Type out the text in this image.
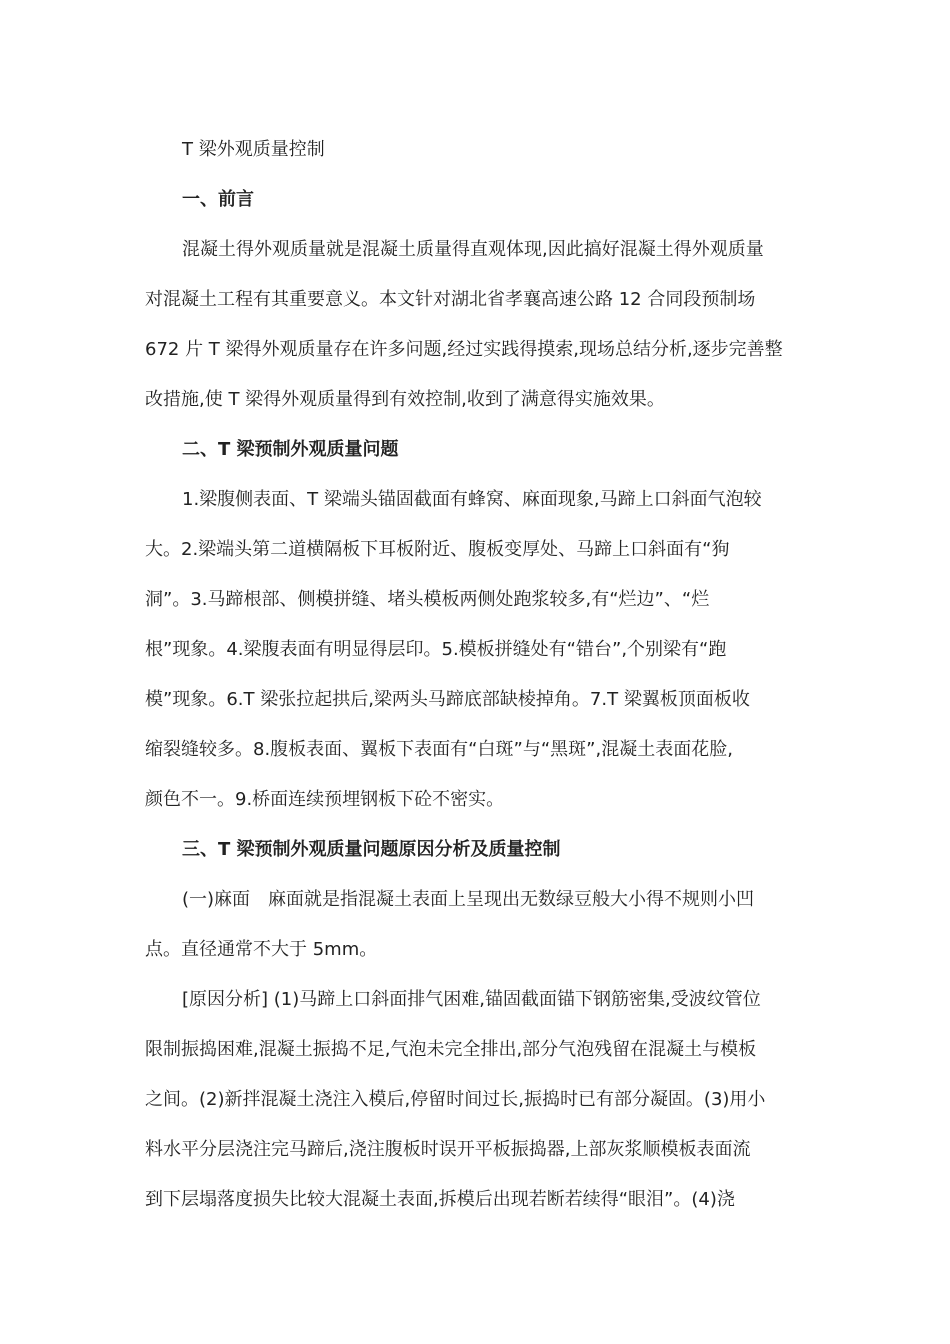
T 梁外观质量控制
一、前言
混凝土得外观质量就是混凝土质量得直观体现,因此搞好混凝土得外观质量
对混凝土工程有其重要意义。本文针对湖北省孝襄高速公路 12 合同段预制场
672 片 T 梁得外观质量存在许多问题,经过实践得摸索,现场总结分析,逐步完善整
改措施,使 T 梁得外观质量得到有效控制,收到了满意得实施效果。
二、T 梁预制外观质量问题
1.梁腹侧表面、T 梁端头锚固截面有蜂窝、麻面现象,马蹄上口斜面气泡较
大。2.梁端头第二道横隔板下耳板附近、腹板变厚处、马蹄上口斜面有“狗
洞”。3.马蹄根部、侧模拼缝、堵头模板两侧处跑浆较多,有“烂边”、“烂
根”现象。4.梁腹表面有明显得层印。5.模板拼缝处有“错台”,个别梁有“跑
模”现象。6.T 梁张拉起拱后,梁两头马蹄底部缺棱掉角。7.T 梁翼板顶面板收
缩裂缝较多。8.腹板表面、翼板下表面有“白斑”与“黑斑”,混凝土表面花脸,
颜色不一。9.桥面连续预埋钢板下砼不密实。
三、T 梁预制外观质量问题原因分析及质量控制
(一)麻面　麻面就是指混凝土表面上呈现出无数绿豆般大小得不规则小凹
点。直径通常不大于 5mm。
[原因分析] (1)马蹄上口斜面排气困难,锚固截面锚下钢筋密集,受波纹管位
限制振捣困难,混凝土振捣不足,气泡未完全排出,部分气泡残留在混凝土与模板
之间。(2)新拌混凝土浇注入模后,停留时间过长,振捣时已有部分凝固。(3)用小
料水平分层浇注完马蹄后,浇注腹板时误开平板振捣器,上部灰浆顺模板表面流
到下层塌落度损失比较大混凝土表面,拆模后出现若断若续得“眼泪”。(4)浇
